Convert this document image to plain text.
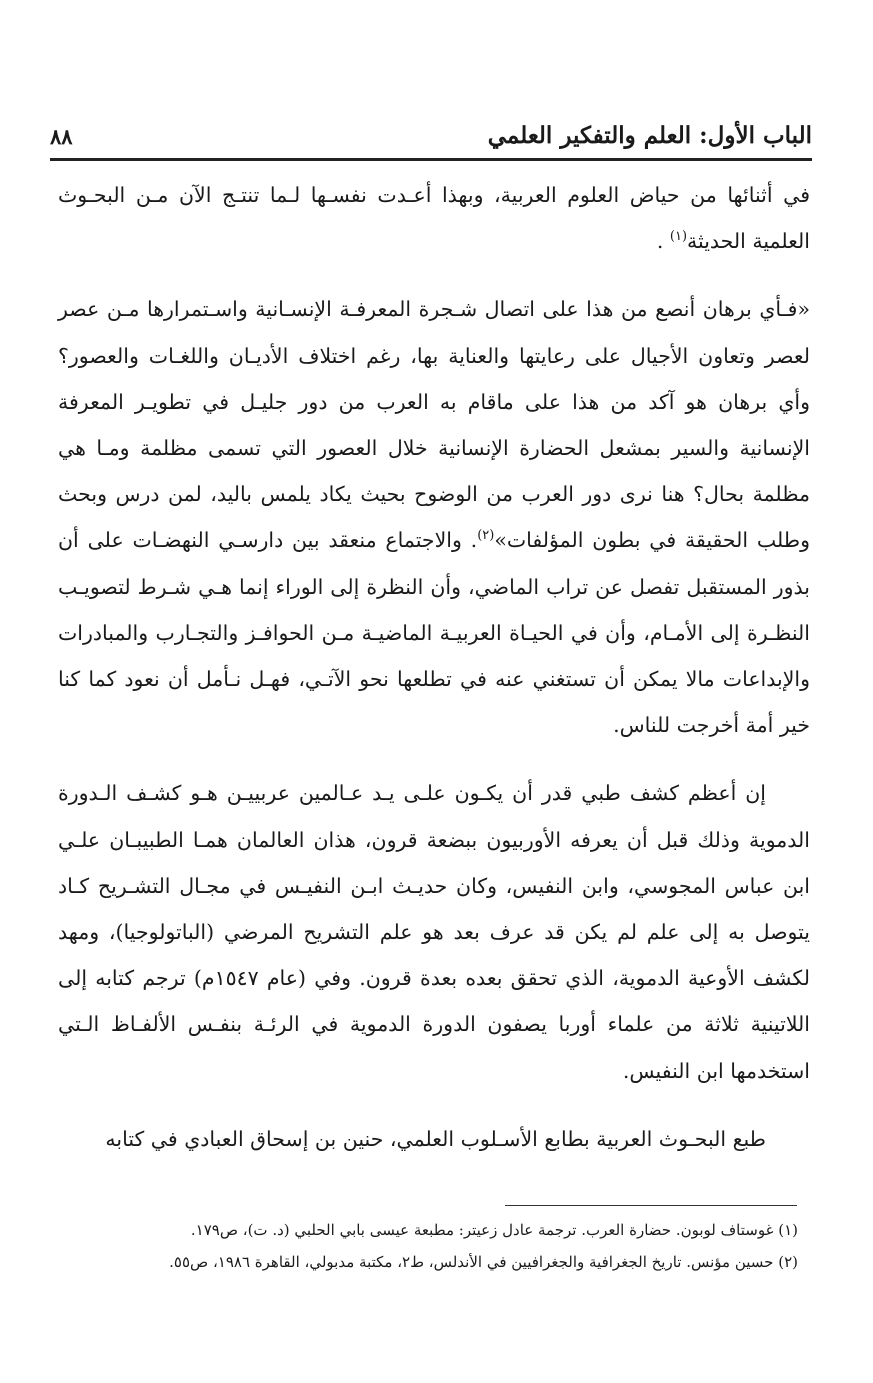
الباب الأول: العلم والتفكير العلمي
٨٨

في أثنائها من حياض العلوم العربية، وبهذا أعـدت نفسـها لـما تنتـج الآن مـن البحـوث العلمية الحديثة$^{(١)}$ .

«فـأي برهان أنصع من هذا على اتصال شـجرة المعرفـة الإنسـانية واسـتمرارها مـن عصر لعصر وتعاون الأجيال على رعايتها والعناية بها، رغم اختلاف الأديـان واللغـات والعصور؟ وأي برهان هو آكد من هذا على ماقام به العرب من دور جليـل في تطويـر المعرفة الإنسانية والسير بمشعل الحضارة الإنسانية خلال العصور التي تسمى مظلمة ومـا هي مظلمة بحال؟ هنا نرى دور العرب من الوضوح بحيث يكاد يلمس باليد، لمن درس وبحث وطلب الحقيقة في بطون المؤلفات»$^{(٢)}$. والاجتماع منعقد بين دارسـي النهضـات على أن بذور المستقبل تفصل عن تراب الماضي، وأن النظرة إلى الوراء إنما هـي شـرط لتصويـب النظـرة إلى الأمـام، وأن في الحيـاة العربيـة الماضيـة مـن الحوافـز والتجـارب والمبادرات والإبداعات مالا يمكن أن تستغني عنه في تطلعها نحو الآتـي، فهـل نـأمل أن نعود كما كنا خير أمة أخرجت للناس.

إن أعظم كشف طبي قدر أن يكـون علـى يـد عـالمين عربييـن هـو كشـف الـدورة الدموية وذلك قبل أن يعرفه الأوربيون ببضعة قرون، هذان العالمان همـا الطبيبـان علـي ابن عباس المجوسي، وابن النفيس، وكان حديـث ابـن النفيـس في مجـال التشـريح كـاد يتوصل به إلى علم لم يكن قد عرف بعد هو علم التشريح المرضي (الباتولوجيا)، ومهد لكشف الأوعية الدموية، الذي تحقق بعده بعدة قرون. وفي (عام ١٥٤٧م) ترجم كتابه إلى اللاتينية ثلاثة من علماء أوربا يصفون الدورة الدموية في الرئـة بنفـس الألفـاظ الـتي استخدمها ابن النفيس.

طبع البحـوث العربية بطابع الأسـلوب العلمي، حنين بن إسحاق العبادي في كتابه

(١) غوستاف لوبون. حضارة العرب. ترجمة عادل زعيتر: مطبعة عيسى بابي الحلبي (د. ت)، ص١٧٩.

(٢) حسين مؤنس. تاريخ الجغرافية والجغرافيين في الأندلس، ط٢، مكتبة مدبولي، القاهرة ١٩٨٦، ص٥٥.
